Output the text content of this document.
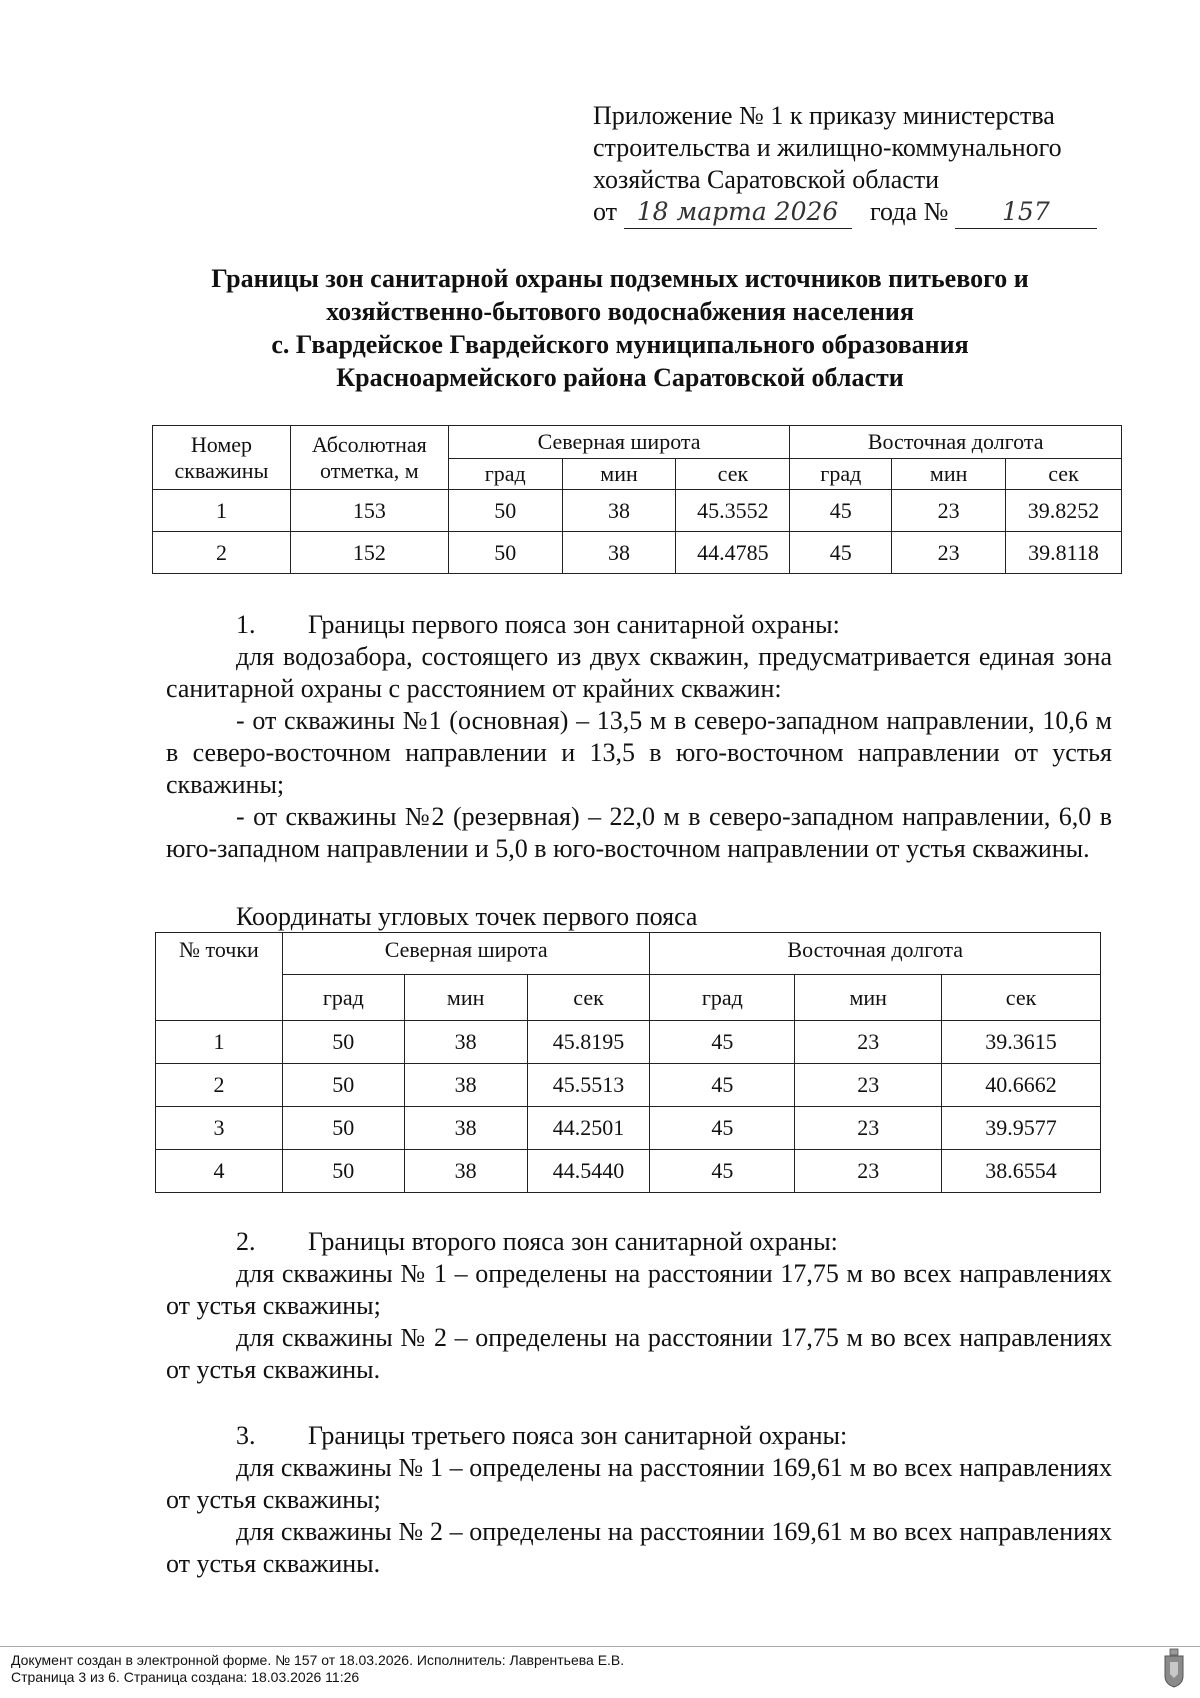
Приложение № 1 к приказу министерства
строительства и жилищно-коммунального
хозяйства Саратовской области
от 18 марта 2026 года № 157
Границы зон санитарной охраны подземных источников питьевого и
хозяйственно-бытового водоснабжения населения
с. Гвардейское Гвардейского муниципального образования
Красноармейского района Саратовской области
Номер скважины	Абсолютная отметка, м	Северная широта			Восточная долгота		
		град	мин	сек	град	мин	сек
1	153	50	38	45.3552	45	23	39.8252
2	152	50	38	44.4785	45	23	39.8118
1. Границы первого пояса зон санитарной охраны:
для водозабора, состоящего из двух скважин, предусматривается единая зона санитарной охраны с расстоянием от крайних скважин:
- от скважины №1 (основная) – 13,5 м в северо-западном направлении, 10,6 м в северо-восточном направлении и 13,5 в юго-восточном направлении от устья скважины;
- от скважины №2 (резервная) – 22,0 м в северо-западном направлении, 6,0 в юго-западном направлении и 5,0 в юго-восточном направлении от устья скважины.
Координаты угловых точек первого пояса
№ точки	Северная широта			Восточная долгота		
	град	мин	сек	град	мин	сек
1	50	38	45.8195	45	23	39.3615
2	50	38	45.5513	45	23	40.6662
3	50	38	44.2501	45	23	39.9577
4	50	38	44.5440	45	23	38.6554
2. Границы второго пояса зон санитарной охраны:
для скважины № 1 – определены на расстоянии 17,75 м во всех направлениях от устья скважины;
для скважины № 2 – определены на расстоянии 17,75 м во всех направлениях от устья скважины.
3. Границы третьего пояса зон санитарной охраны:
для скважины № 1 – определены на расстоянии 169,61 м во всех направлениях от устья скважины;
для скважины № 2 – определены на расстоянии 169,61 м во всех направлениях от устья скважины.
Документ создан в электронной форме. № 157 от 18.03.2026. Исполнитель: Лаврентьева Е.В.
Страница 3 из 6. Страница создана: 18.03.2026 11:26
